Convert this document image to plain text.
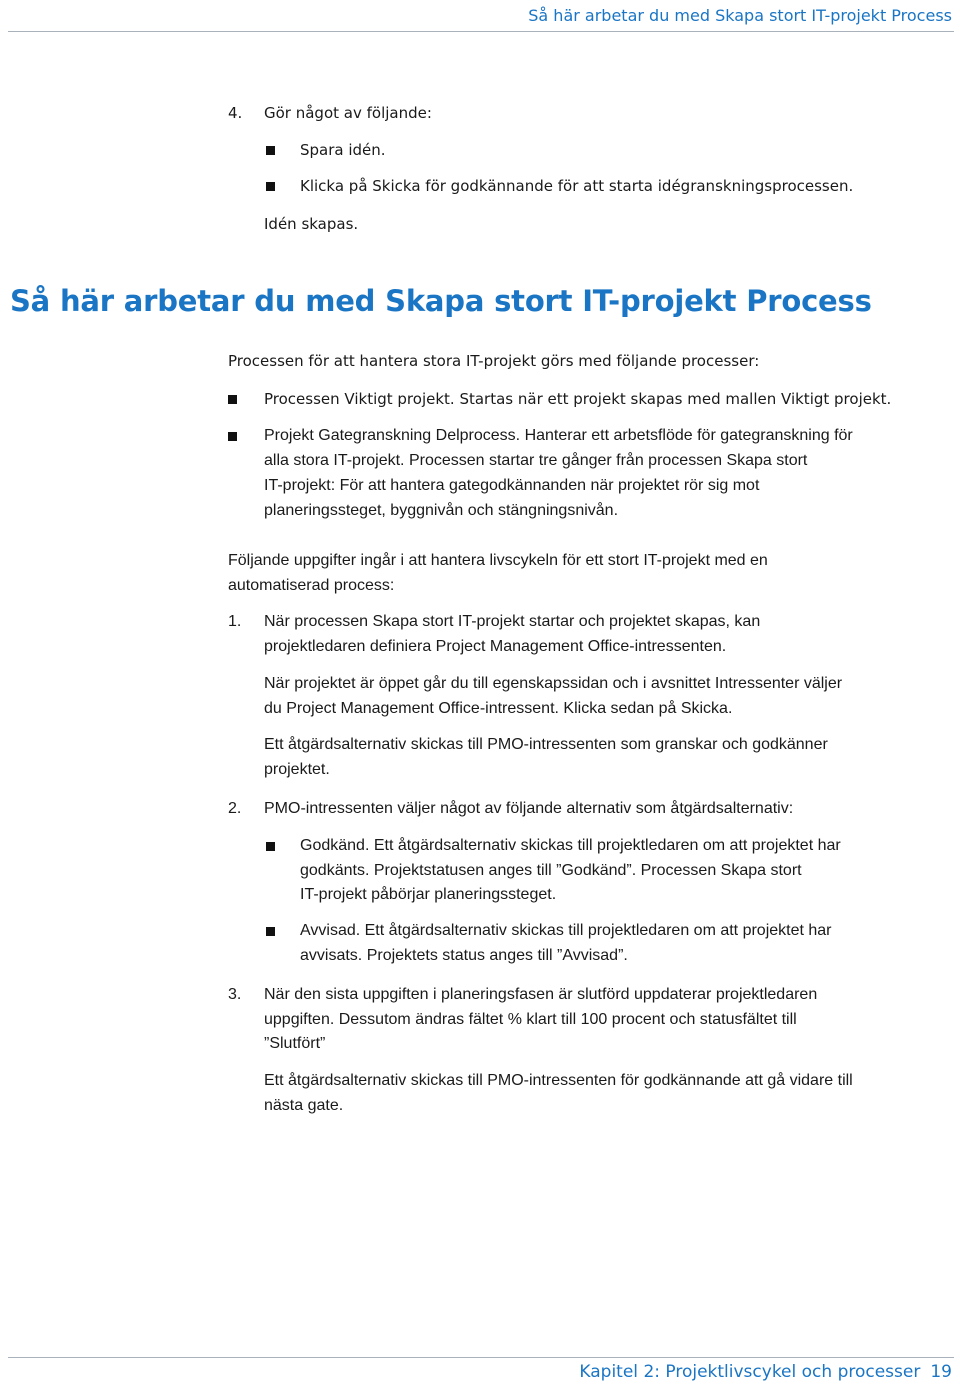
Så här arbetar du med Skapa stort IT-projekt Process
4. Gör något av följande:
Spara idén.
Klicka på Skicka för godkännande för att starta idégranskningsprocessen.
Idén skapas.
Så här arbetar du med Skapa stort IT-projekt Process
Processen för att hantera stora IT-projekt görs med följande processer:
Processen Viktigt projekt. Startas när ett projekt skapas med mallen Viktigt projekt.
Projekt Gategranskning Delprocess. Hanterar ett arbetsflöde för gategranskning för
alla stora IT-projekt. Processen startar tre gånger från processen Skapa stort
IT-projekt: För att hantera gategodkännanden när projektet rör sig mot
planeringssteget, byggnivån och stängningsnivån.
Följande uppgifter ingår i att hantera livscykeln för ett stort IT-projekt med en
automatiserad process:
1. När processen Skapa stort IT-projekt startar och projektet skapas, kan
projektledaren definiera Project Management Office-intressenten.
När projektet är öppet går du till egenskapssidan och i avsnittet Intressenter väljer
du Project Management Office-intressent. Klicka sedan på Skicka.
Ett åtgärdsalternativ skickas till PMO-intressenten som granskar och godkänner
projektet.
2. PMO-intressenten väljer något av följande alternativ som åtgärdsalternativ:
Godkänd. Ett åtgärdsalternativ skickas till projektledaren om att projektet har
godkänts. Projektstatusen anges till ”Godkänd”. Processen Skapa stort
IT-projekt påbörjar planeringssteget.
Avvisad. Ett åtgärdsalternativ skickas till projektledaren om att projektet har
avvisats. Projektets status anges till ”Avvisad”.
3. När den sista uppgiften i planeringsfasen är slutförd uppdaterar projektledaren
uppgiften. Dessutom ändras fältet % klart till 100 procent och statusfältet till
”Slutfört”
Ett åtgärdsalternativ skickas till PMO-intressenten för godkännande att gå vidare till
nästa gate.
Kapitel 2: Projektlivscykel och processer 19
